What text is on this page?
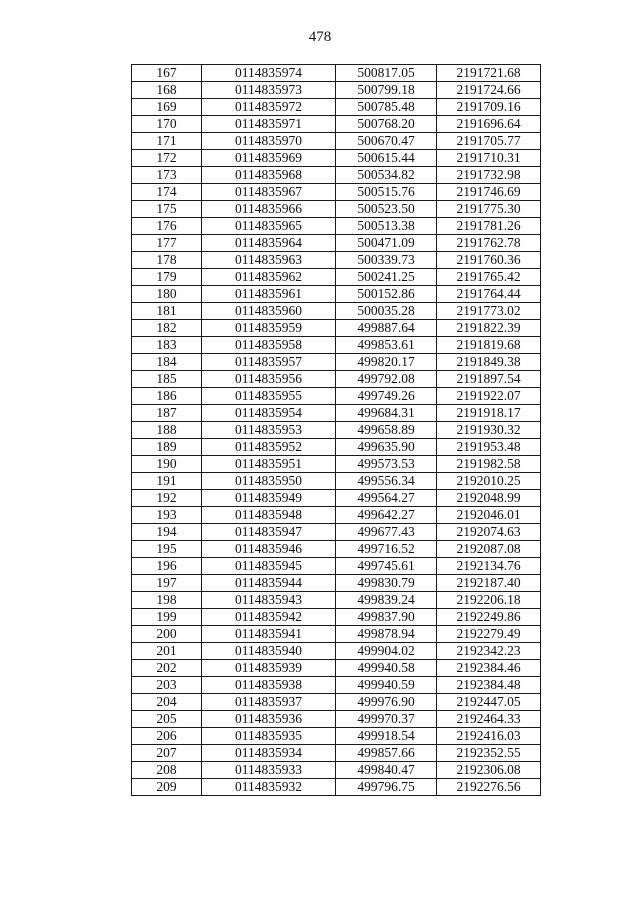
478
167	0114835974	500817.05	2191721.68
168	0114835973	500799.18	2191724.66
169	0114835972	500785.48	2191709.16
170	0114835971	500768.20	2191696.64
171	0114835970	500670.47	2191705.77
172	0114835969	500615.44	2191710.31
173	0114835968	500534.82	2191732.98
174	0114835967	500515.76	2191746.69
175	0114835966	500523.50	2191775.30
176	0114835965	500513.38	2191781.26
177	0114835964	500471.09	2191762.78
178	0114835963	500339.73	2191760.36
179	0114835962	500241.25	2191765.42
180	0114835961	500152.86	2191764.44
181	0114835960	500035.28	2191773.02
182	0114835959	499887.64	2191822.39
183	0114835958	499853.61	2191819.68
184	0114835957	499820.17	2191849.38
185	0114835956	499792.08	2191897.54
186	0114835955	499749.26	2191922.07
187	0114835954	499684.31	2191918.17
188	0114835953	499658.89	2191930.32
189	0114835952	499635.90	2191953.48
190	0114835951	499573.53	2191982.58
191	0114835950	499556.34	2192010.25
192	0114835949	499564.27	2192048.99
193	0114835948	499642.27	2192046.01
194	0114835947	499677.43	2192074.63
195	0114835946	499716.52	2192087.08
196	0114835945	499745.61	2192134.76
197	0114835944	499830.79	2192187.40
198	0114835943	499839.24	2192206.18
199	0114835942	499837.90	2192249.86
200	0114835941	499878.94	2192279.49
201	0114835940	499904.02	2192342.23
202	0114835939	499940.58	2192384.46
203	0114835938	499940.59	2192384.48
204	0114835937	499976.90	2192447.05
205	0114835936	499970.37	2192464.33
206	0114835935	499918.54	2192416.03
207	0114835934	499857.66	2192352.55
208	0114835933	499840.47	2192306.08
209	0114835932	499796.75	2192276.56
